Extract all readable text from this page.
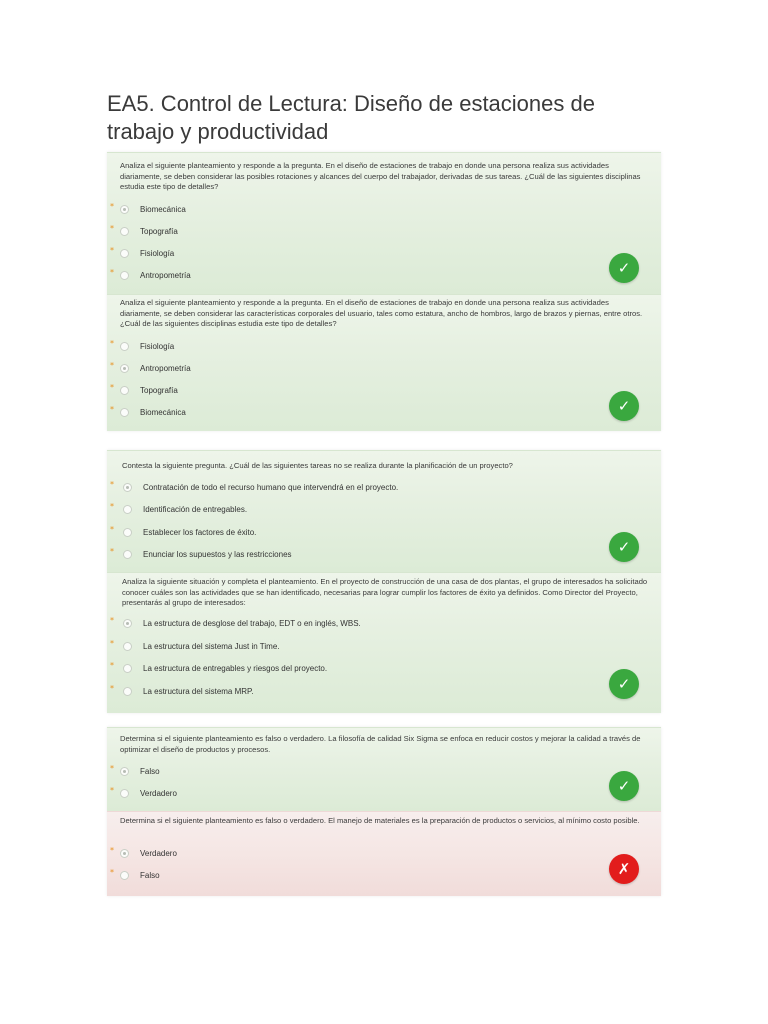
EA5. Control de Lectura: Diseño de estaciones de trabajo y productividad

Analiza el siguiente planteamiento y responde a la pregunta. En el diseño de estaciones de trabajo en donde una persona realiza sus actividades diariamente, se deben considerar las posibles rotaciones y alcances del cuerpo del trabajador, derivadas de sus tareas. ¿Cuál de las siguientes disciplinas estudia este tipo de detalles?

*	Biomecánica
*	Topografía
*	Fisiología
*	Antropometría	✓

Analiza el siguiente planteamiento y responde a la pregunta. En el diseño de estaciones de trabajo en donde una persona realiza sus actividades diariamente, se deben considerar las características corporales del usuario, tales como estatura, ancho de hombros, largo de brazos y piernas, entre otros. ¿Cuál de las siguientes disciplinas estudia este tipo de detalles?

*	Fisiología
*	Antropometría
*	Topografía
*	Biomecánica	✓

Contesta la siguiente pregunta. ¿Cuál de las siguientes tareas no se realiza durante la planificación de un proyecto?

*	Contratación de todo el recurso humano que intervendrá en el proyecto.
*	Identificación de entregables.
*	Establecer los factores de éxito.
*	Enunciar los supuestos y las restricciones	✓

Analiza la siguiente situación y completa el planteamiento. En el proyecto de construcción de una casa de dos plantas, el grupo de interesados ha solicitado conocer cuáles son las actividades que se han identificado, necesarias para lograr cumplir los factores de éxito ya definidos. Como Director del Proyecto, presentarás al grupo de interesados:

*	La estructura de desglose del trabajo, EDT o en inglés, WBS.
*	La estructura del sistema Just in Time.
*	La estructura de entregables y riesgos del proyecto.
*	La estructura del sistema MRP.	✓

Determina si el siguiente planteamiento es falso o verdadero. La filosofía de calidad Six Sigma se enfoca en reducir costos y mejorar la calidad a través de optimizar el diseño de productos y procesos.

*	Falso
*	Verdadero	✓

Determina si el siguiente planteamiento es falso o verdadero. El manejo de materiales es la preparación de productos o servicios, al mínimo costo posible.

*	Verdadero
*	Falso	✗
